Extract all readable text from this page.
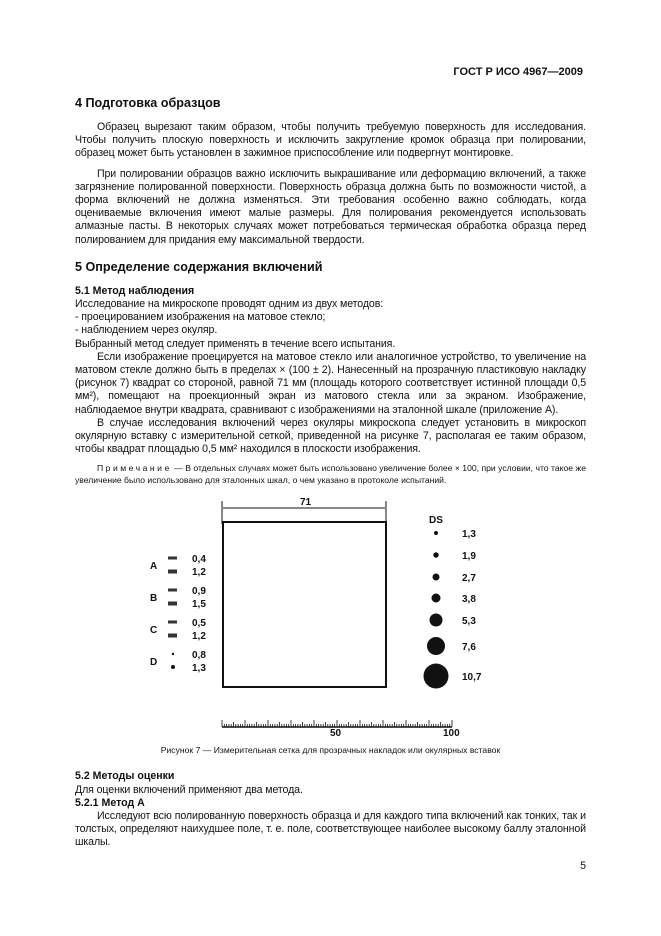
ГОСТ Р ИСО 4967—2009
4 Подготовка образцов

Образец вырезают таким образом, чтобы получить требуемую поверхность для исследования. Чтобы получить плоскую поверхность и исключить закругление кромок образца при полировании, образец может быть установлен в зажимное приспособление или подвергнут монтировке.

При полировании образцов важно исключить выкрашивание или деформацию включений, а также загрязнение полированной поверхности. Поверхность образца должна быть по возможности чистой, а форма включений не должна изменяться. Эти требования особенно важно соблюдать, когда оцениваемые включения имеют малые размеры. Для полирования рекомендуется использовать алмазные пасты. В некоторых случаях может потребоваться термическая обработка образца перед полированием для придания ему максимальной твердости.

5 Определение содержания включений
5.1 Метод наблюдения

Исследование на микроскопе проводят одним из двух методов:

- проецированием изображения на матовое стекло;

- наблюдением через окуляр.

Выбранный метод следует применять в течение всего испытания.

Если изображение проецируется на матовое стекло или аналогичное устройство, то увеличение на матовом стекле должно быть в пределах × (100 ± 2). Нанесенный на прозрачную пластиковую накладку (рисунок 7) квадрат со стороной, равной 71 мм (площадь которого соответствует истинной площади 0,5 мм²), помещают на проекционный экран из матового стекла или за экраном. Изображение, наблюдаемое внутри квадрата, сравнивают с изображениями на эталонной шкале (приложение А).

В случае исследования включений через окуляры микроскопа следует установить в микроскоп окулярную вставку с измерительной сеткой, приведенной на рисунке 7, располагая ее таким образом, чтобы квадрат площадью 0,5 мм² находился в плоскости изображения.

Примечание — В отдельных случаях может быть использовано увеличение более × 100, при условии, что такое же увеличение было использовано для эталонных шкал, о чем указано в протоколе испытаний.
71
A
0,4
1,2
B
0,9
1,5
C
0,5
1,2
D
0,8
1,3
DS
1,3
1,9
2,7
3,8
5,3
7,6
10,7
50	100
Рисунок 7 — Измерительная сетка для прозрачных накладок или окулярных вставок
5.2 Методы оценки

Для оценки включений применяют два метода.

5.2.1 Метод А

Исследуют всю полированную поверхность образца и для каждого типа включений как тонких, так и толстых, определяют наихудшее поле, т. е. поле, соответствующее наиболее высокому баллу эталонной шкалы.

5
